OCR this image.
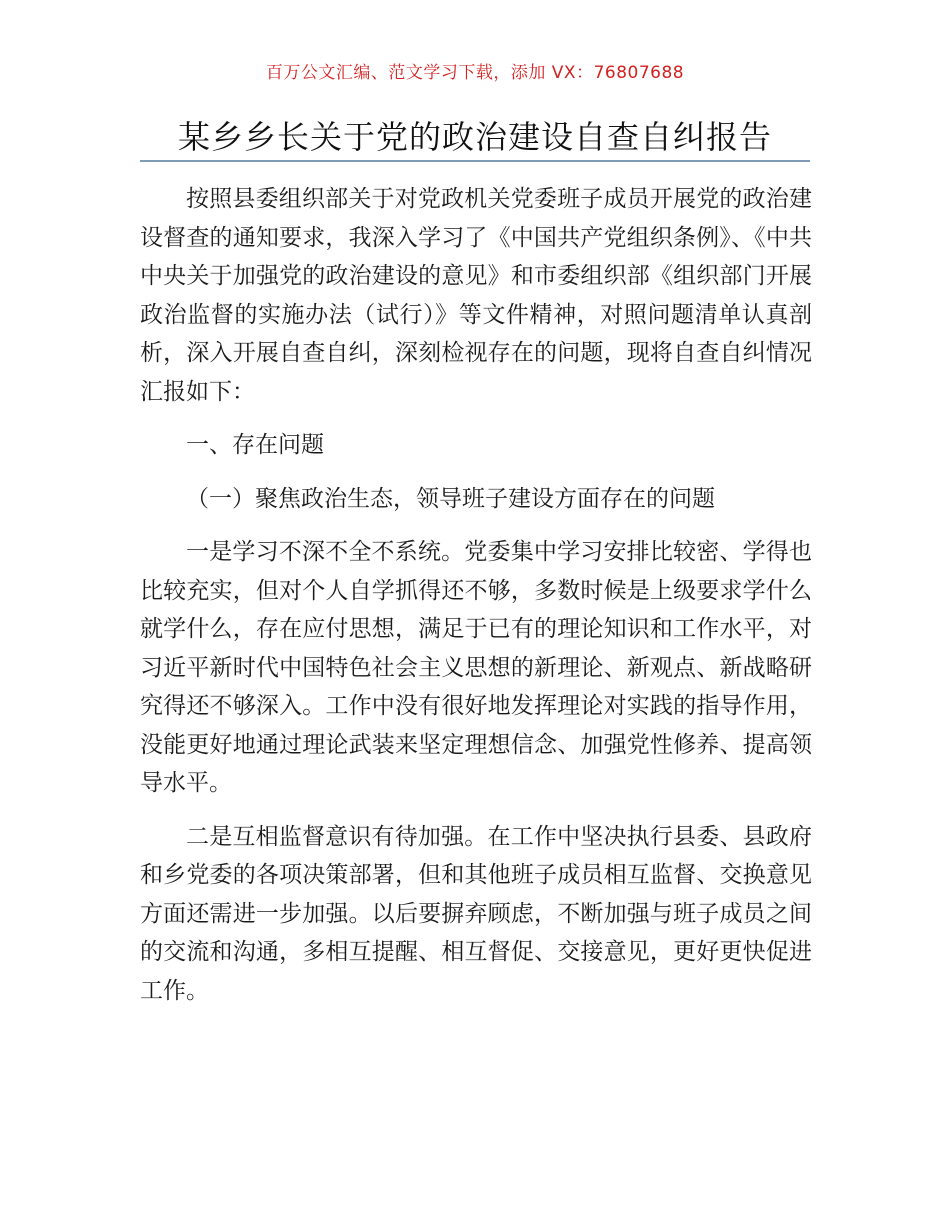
百万公文汇编、范文学习下载，添加 VX：76807688
某乡乡长关于党的政治建设自查自纠报告

按照县委组织部关于对党政机关党委班子成员开展党的政治建设督查的通知要求，我深入学习了《中国共产党组织条例》、《中共中央关于加强党的政治建设的意见》和市委组织部《组织部门开展政治监督的实施办法（试行）》等文件精神，对照问题清单认真剖析，深入开展自查自纠，深刻检视存在的问题，现将自查自纠情况汇报如下：

一、存在问题

（一）聚焦政治生态，领导班子建设方面存在的问题

一是学习不深不全不系统。党委集中学习安排比较密、学得也比较充实，但对个人自学抓得还不够，多数时候是上级要求学什么就学什么，存在应付思想，满足于已有的理论知识和工作水平，对习近平新时代中国特色社会主义思想的新理论、新观点、新战略研究得还不够深入。工作中没有很好地发挥理论对实践的指导作用，没能更好地通过理论武装来坚定理想信念、加强党性修养、提高领导水平。

二是互相监督意识有待加强。在工作中坚决执行县委、县政府和乡党委的各项决策部署，但和其他班子成员相互监督、交换意见方面还需进一步加强。以后要摒弃顾虑，不断加强与班子成员之间的交流和沟通，多相互提醒、相互督促、交接意见，更好更快促进工作。
